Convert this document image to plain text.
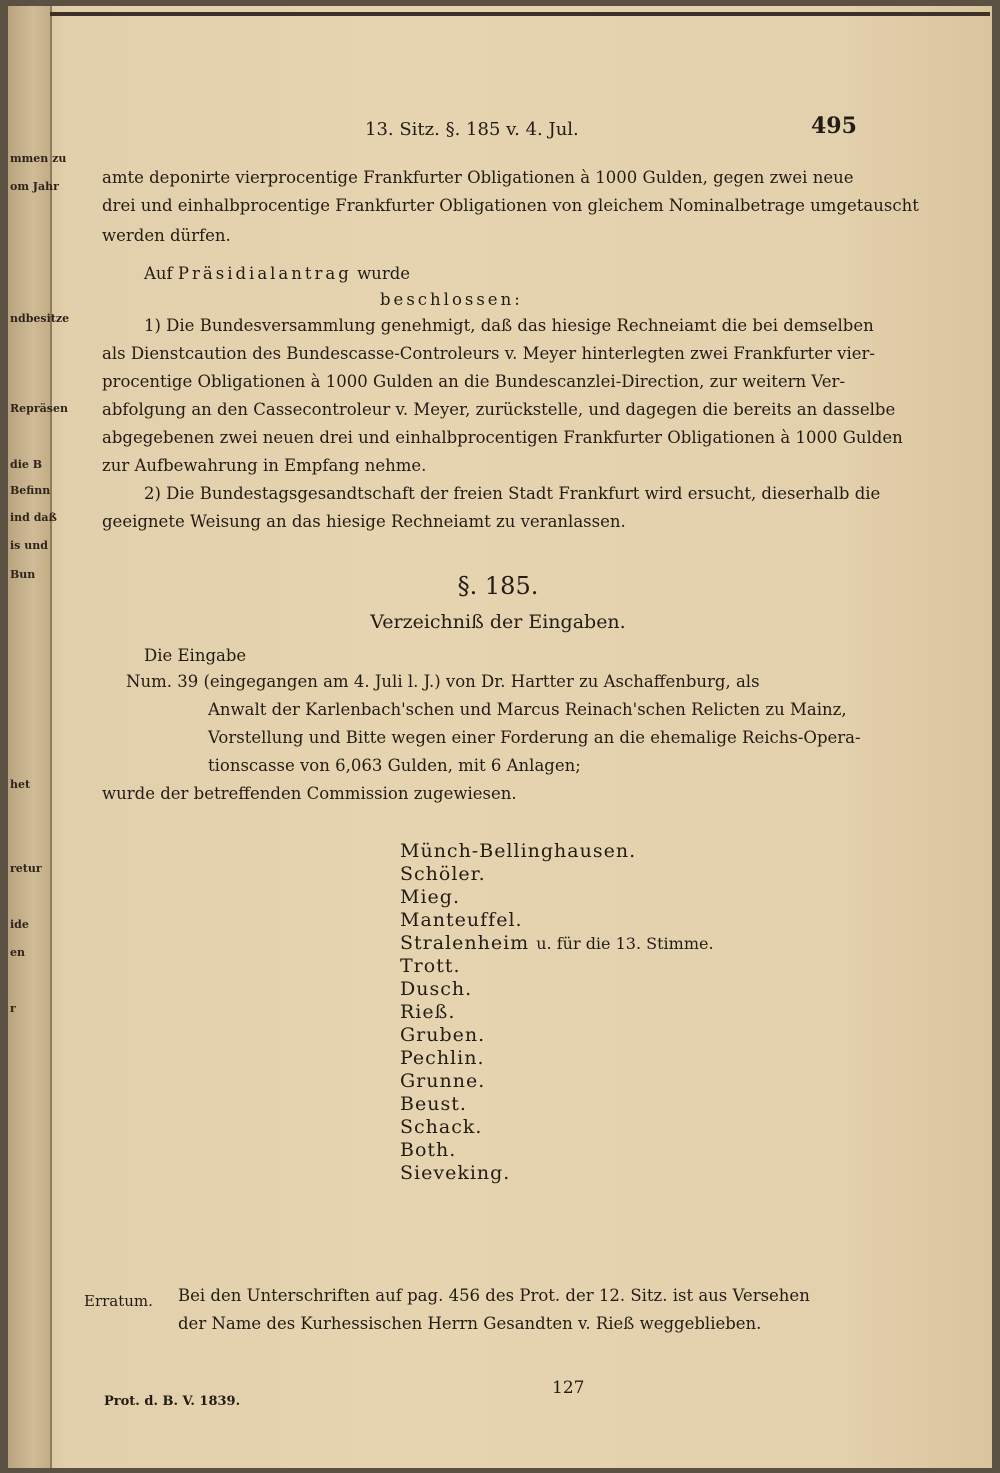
mmen zu
om Jahr
ndbesitze
Repräsen
die B
Befinn
ind daß
is und
Bun
het
retur
ide
en
r
13. Sitz. §. 185 v. 4. Jul.	495
amte deponirte vierprocentige Frankfurter Obligationen à 1000 Gulden, gegen zwei neue
drei und einhalbprocentige Frankfurter Obligationen von gleichem Nominalbetrage umgetauscht
werden dürfen.
Auf Präsidialantrag wurde
beschlossen:
1) Die Bundesversammlung genehmigt, daß das hiesige Rechneiamt die bei demselben
als Dienstcaution des Bundescasse-Controleurs v. Meyer hinterlegten zwei Frankfurter vier-
procentige Obligationen à 1000 Gulden an die Bundescanzlei-Direction, zur weitern Ver-
abfolgung an den Cassecontroleur v. Meyer, zurückstelle, und dagegen die bereits an dasselbe
abgegebenen zwei neuen drei und einhalbprocentigen Frankfurter Obligationen à 1000 Gulden
zur Aufbewahrung in Empfang nehme.
2) Die Bundestagsgesandtschaft der freien Stadt Frankfurt wird ersucht, dieserhalb die
geeignete Weisung an das hiesige Rechneiamt zu veranlassen.
§. 185.
Verzeichniß der Eingaben.
Die Eingabe
Num. 39 (eingegangen am 4. Juli l. J.) von Dr. Hartter zu Aschaffenburg, als
Anwalt der Karlenbach'schen und Marcus Reinach'schen Relicten zu Mainz,
Vorstellung und Bitte wegen einer Forderung an die ehemalige Reichs-Opera-
tionscasse von 6,063 Gulden, mit 6 Anlagen;
wurde der betreffenden Commission zugewiesen.
Münch-Bellinghausen.
Schöler.
Mieg.
Manteuffel.
Stralenheim u. für die 13. Stimme.
Trott.
Dusch.
Rieß.
Gruben.
Pechlin.
Grunne.
Beust.
Schack.
Both.
Sieveking.
Erratum. Bei den Unterschriften auf pag. 456 des Prot. der 12. Sitz. ist aus Versehen
der Name des Kurhessischen Herrn Gesandten v. Rieß weggeblieben.
127
Prot. d. B. V. 1839.
